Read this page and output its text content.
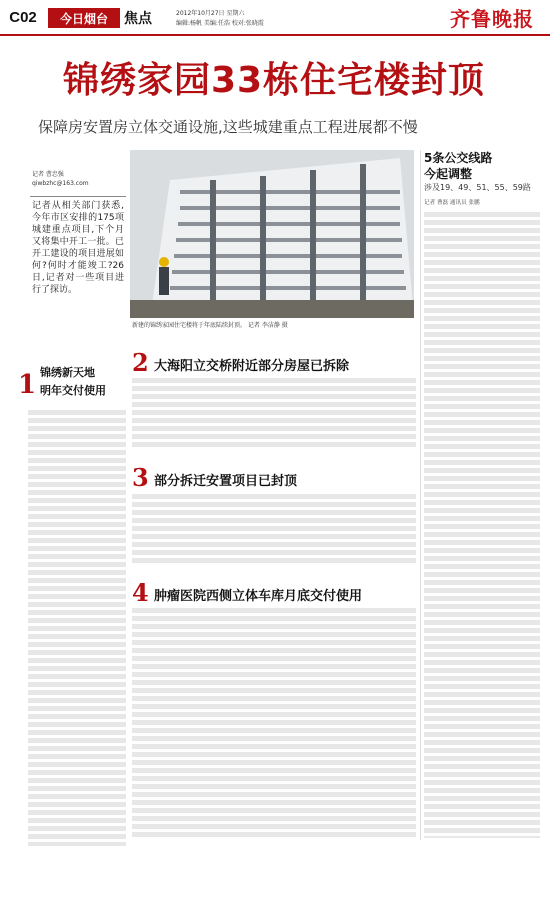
C02	今日烟台	焦点	2012年10月27日 星期六
编辑:杨帆 美编:任浩 校对:张晓霞	齐鲁晚报
锦绣家园33栋住宅楼封顶
保障房安置房立体交通设施,这些城建重点工程进展都不慢
新建的锦绣家园住宅楼将于年底陆续封顶。 记者 李洁静 摄
记者 曹忠强
qiwbzhc@163.com
记者从相关部门获悉,今年市区安排的175项城建重点项目,下个月又将集中开工一批。已开工建设的项目进展如何?何时才能竣工?26日,记者对一些项目进行了探访。
1 锦绣新天地
明年交付使用
2 大海阳立交桥附近部分房屋已拆除
3 部分拆迁安置项目已封顶
4 肿瘤医院西侧立体车库月底交付使用
5条公交线路
今起调整
涉及19、49、51、55、59路
记者 曹磊 通讯员 张鹏
